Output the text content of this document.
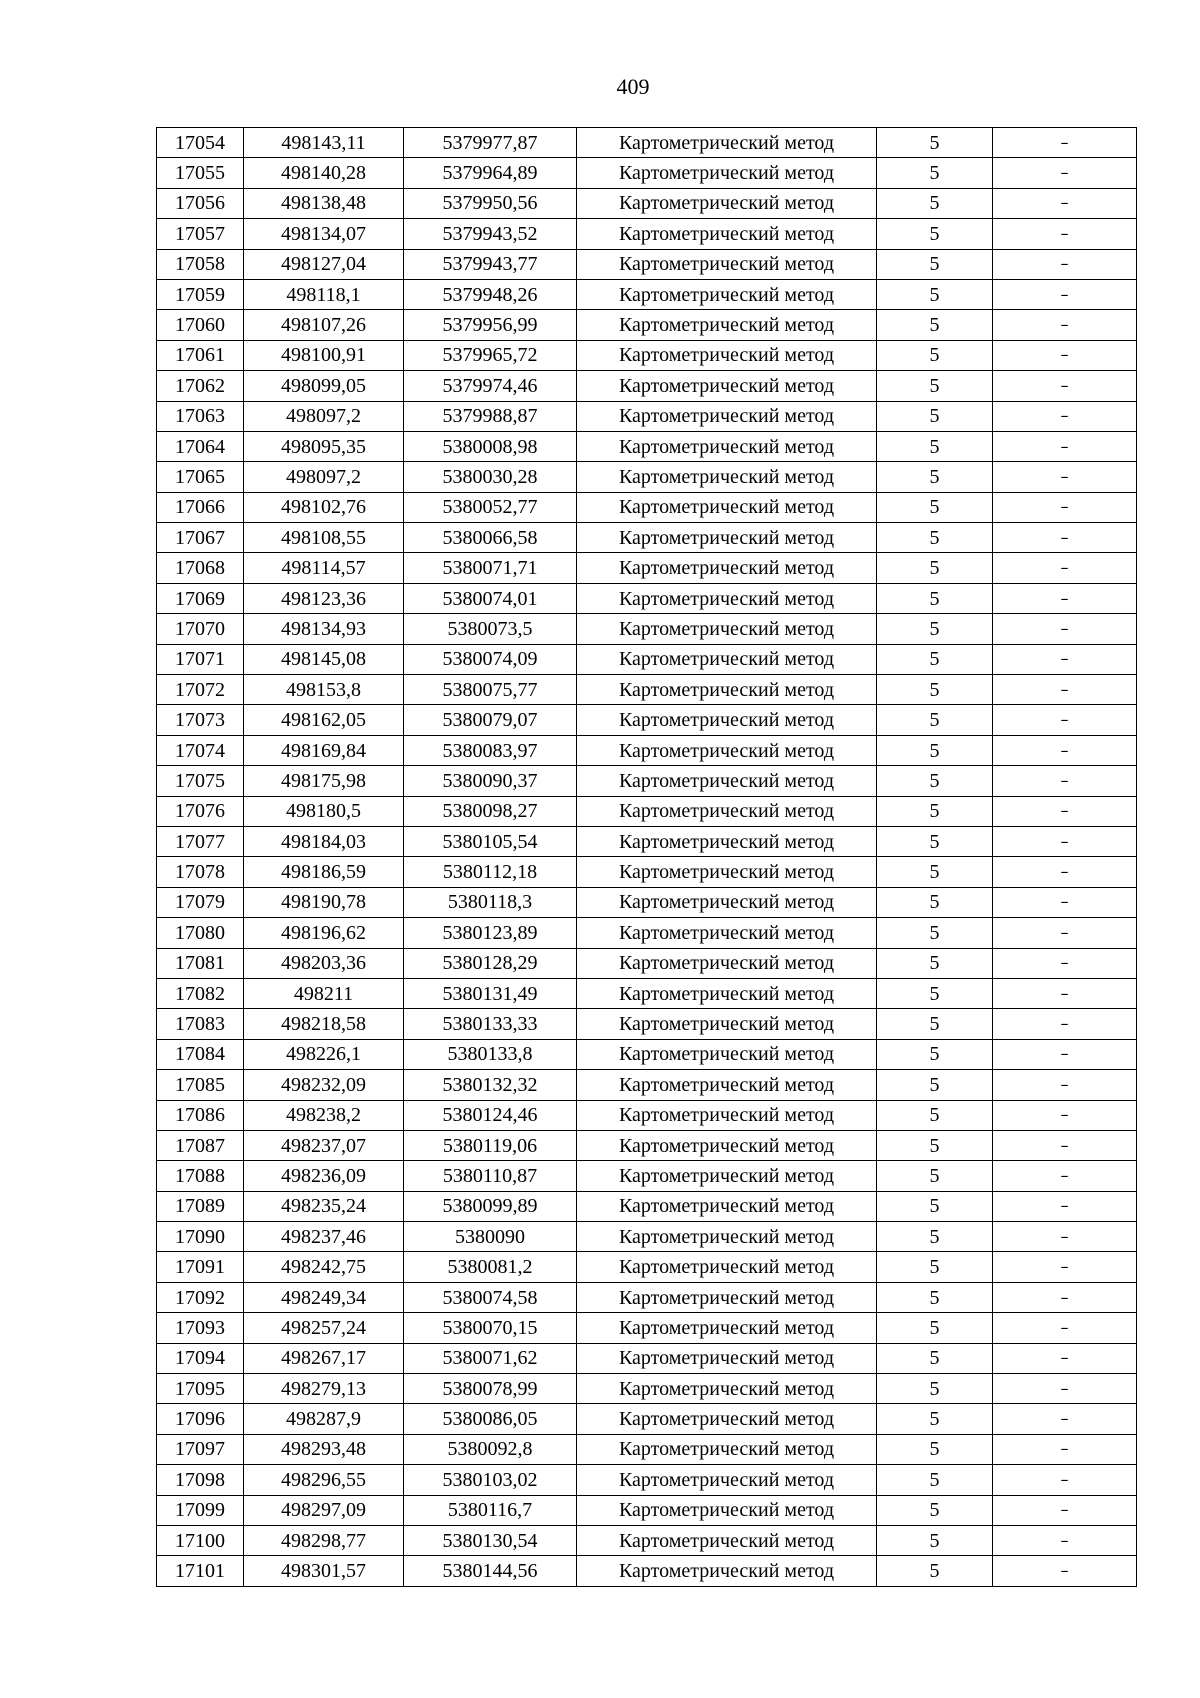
409
17054	498143,11	5379977,87	Картометрический метод	5	–
17055	498140,28	5379964,89	Картометрический метод	5	–
17056	498138,48	5379950,56	Картометрический метод	5	–
17057	498134,07	5379943,52	Картометрический метод	5	–
17058	498127,04	5379943,77	Картометрический метод	5	–
17059	498118,1	5379948,26	Картометрический метод	5	–
17060	498107,26	5379956,99	Картометрический метод	5	–
17061	498100,91	5379965,72	Картометрический метод	5	–
17062	498099,05	5379974,46	Картометрический метод	5	–
17063	498097,2	5379988,87	Картометрический метод	5	–
17064	498095,35	5380008,98	Картометрический метод	5	–
17065	498097,2	5380030,28	Картометрический метод	5	–
17066	498102,76	5380052,77	Картометрический метод	5	–
17067	498108,55	5380066,58	Картометрический метод	5	–
17068	498114,57	5380071,71	Картометрический метод	5	–
17069	498123,36	5380074,01	Картометрический метод	5	–
17070	498134,93	5380073,5	Картометрический метод	5	–
17071	498145,08	5380074,09	Картометрический метод	5	–
17072	498153,8	5380075,77	Картометрический метод	5	–
17073	498162,05	5380079,07	Картометрический метод	5	–
17074	498169,84	5380083,97	Картометрический метод	5	–
17075	498175,98	5380090,37	Картометрический метод	5	–
17076	498180,5	5380098,27	Картометрический метод	5	–
17077	498184,03	5380105,54	Картометрический метод	5	–
17078	498186,59	5380112,18	Картометрический метод	5	–
17079	498190,78	5380118,3	Картометрический метод	5	–
17080	498196,62	5380123,89	Картометрический метод	5	–
17081	498203,36	5380128,29	Картометрический метод	5	–
17082	498211	5380131,49	Картометрический метод	5	–
17083	498218,58	5380133,33	Картометрический метод	5	–
17084	498226,1	5380133,8	Картометрический метод	5	–
17085	498232,09	5380132,32	Картометрический метод	5	–
17086	498238,2	5380124,46	Картометрический метод	5	–
17087	498237,07	5380119,06	Картометрический метод	5	–
17088	498236,09	5380110,87	Картометрический метод	5	–
17089	498235,24	5380099,89	Картометрический метод	5	–
17090	498237,46	5380090	Картометрический метод	5	–
17091	498242,75	5380081,2	Картометрический метод	5	–
17092	498249,34	5380074,58	Картометрический метод	5	–
17093	498257,24	5380070,15	Картометрический метод	5	–
17094	498267,17	5380071,62	Картометрический метод	5	–
17095	498279,13	5380078,99	Картометрический метод	5	–
17096	498287,9	5380086,05	Картометрический метод	5	–
17097	498293,48	5380092,8	Картометрический метод	5	–
17098	498296,55	5380103,02	Картометрический метод	5	–
17099	498297,09	5380116,7	Картометрический метод	5	–
17100	498298,77	5380130,54	Картометрический метод	5	–
17101	498301,57	5380144,56	Картометрический метод	5	–
